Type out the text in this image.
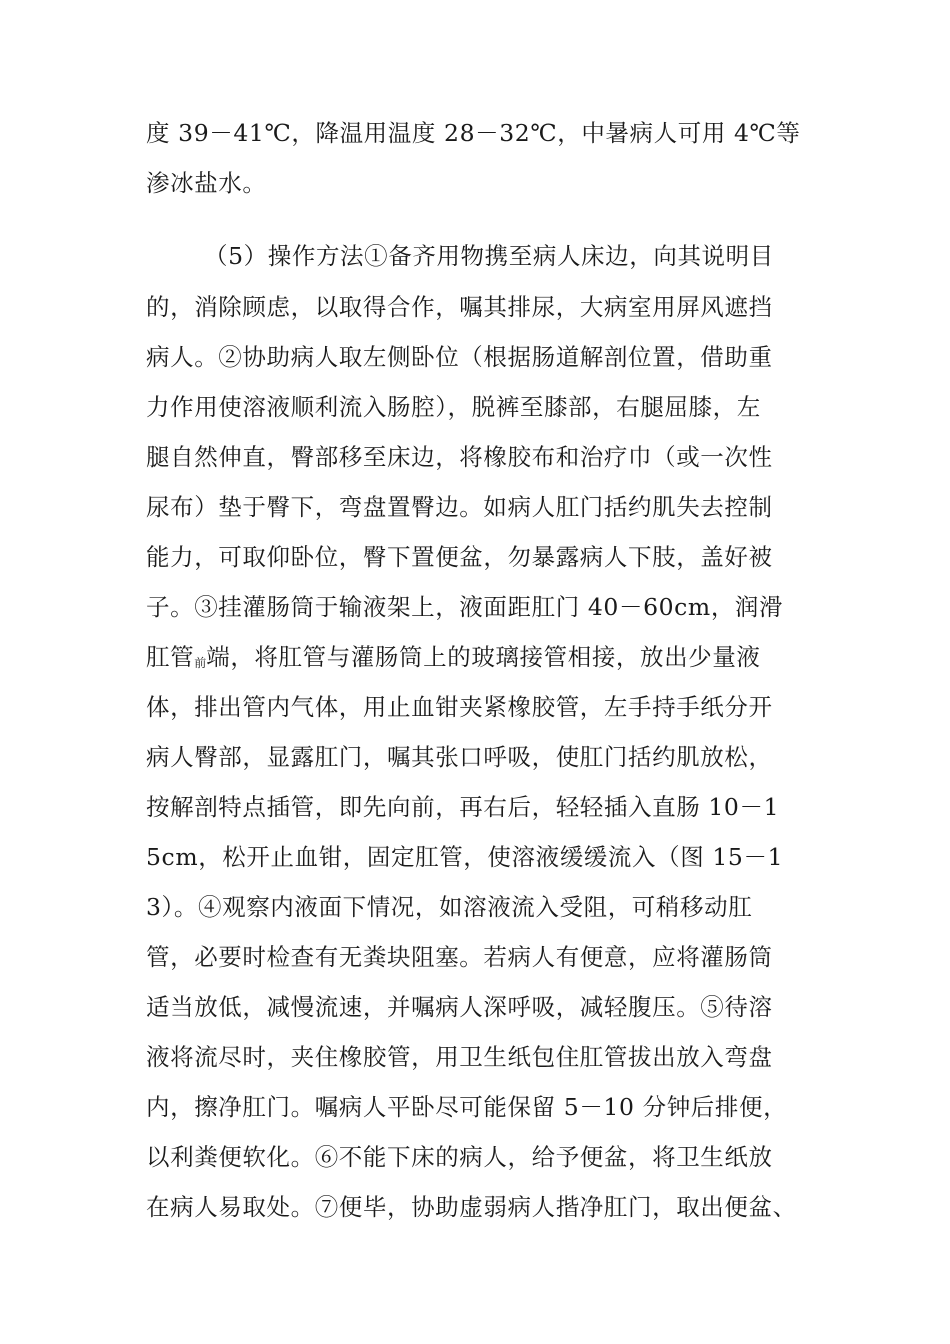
度 39－41℃，降温用温度 28－32℃，中暑病人可用 4℃等
渗冰盐水。
（5）操作方法①备齐用物携至病人床边，向其说明目
的，消除顾虑，以取得合作，嘱其排尿，大病室用屏风遮挡
病人。②协助病人取左侧卧位（根据肠道解剖位置，借助重
力作用使溶液顺利流入肠腔），脱裤至膝部，右腿屈膝，左
腿自然伸直，臀部移至床边，将橡胶布和治疗巾（或一次性
尿布）垫于臀下，弯盘置臀边。如病人肛门括约肌失去控制
能力，可取仰卧位，臀下置便盆，勿暴露病人下肢，盖好被
子。③挂灌肠筒于输液架上，液面距肛门 40－60cm，润滑
肛管前端，将肛管与灌肠筒上的玻璃接管相接，放出少量液
体，排出管内气体，用止血钳夹紧橡胶管，左手持手纸分开
病人臀部，显露肛门，嘱其张口呼吸，使肛门括约肌放松，
按解剖特点插管，即先向前，再右后，轻轻插入直肠 10－1
5cm，松开止血钳，固定肛管，使溶液缓缓流入（图 15－1
3）。④观察内液面下情况，如溶液流入受阻，可稍移动肛
管，必要时检查有无粪块阻塞。若病人有便意，应将灌肠筒
适当放低，减慢流速，并嘱病人深呼吸，减轻腹压。⑤待溶
液将流尽时，夹住橡胶管，用卫生纸包住肛管拔出放入弯盘
内，擦净肛门。嘱病人平卧尽可能保留 5－10 分钟后排便，
以利粪便软化。⑥不能下床的病人，给予便盆，将卫生纸放
在病人易取处。⑦便毕，协助虚弱病人揩净肛门，取出便盆、
